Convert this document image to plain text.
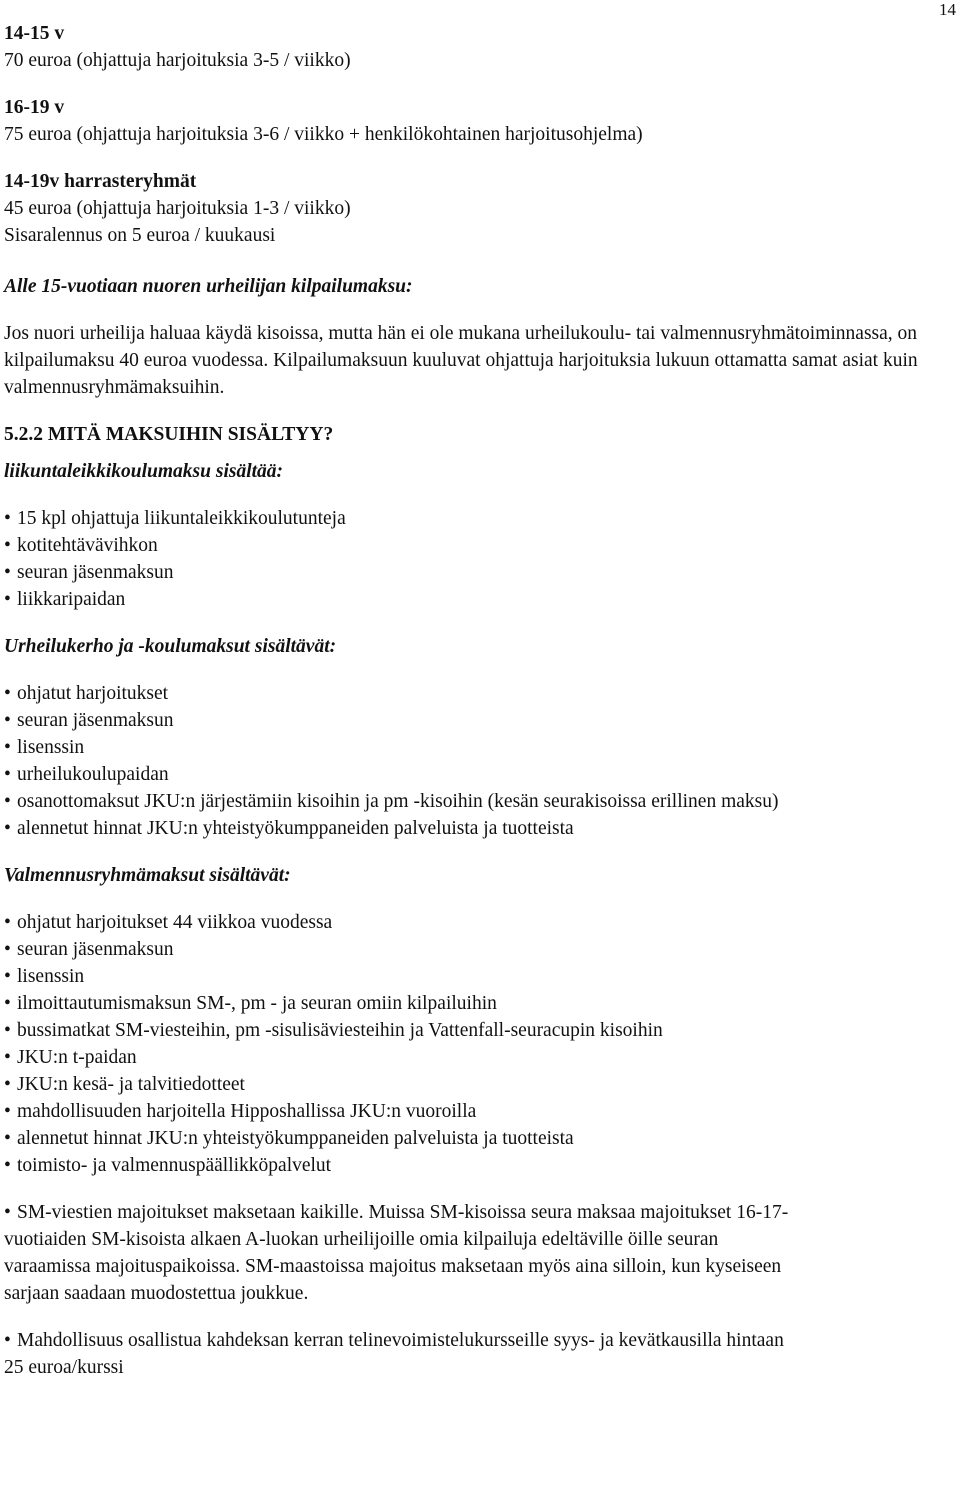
14

14-15 v

70 euroa (ohjattuja harjoituksia 3-5 / viikko)

16-19 v

75 euroa (ohjattuja harjoituksia 3-6 / viikko + henkilökohtainen harjoitusohjelma)

14-19v harrasteryhmät

45 euroa (ohjattuja harjoituksia 1-3 / viikko)

Sisaralennus on 5 euroa / kuukausi

Alle 15-vuotiaan nuoren urheilijan kilpailumaksu:

Jos nuori urheilija haluaa käydä kisoissa, mutta hän ei ole mukana urheilukoulu- tai valmennusryhmätoiminnassa, on kilpailumaksu 40 euroa vuodessa. Kilpailumaksuun kuuluvat ohjattuja harjoituksia lukuun ottamatta samat asiat kuin valmennusryhmämaksuihin.

5.2.2 MITÄ MAKSUIHIN SISÄLTYY?

liikuntaleikkikoulumaksu sisältää:

• 15 kpl ohjattuja liikuntaleikkikoulutunteja
• kotitehtävävihkon
• seuran jäsenmaksun
• liikkaripaidan

Urheilukerho ja -koulumaksut sisältävät:

• ohjatut harjoitukset
• seuran jäsenmaksun
• lisenssin
• urheilukoulupaidan
• osanottomaksut JKU:n järjestämiin kisoihin ja pm -kisoihin (kesän seurakisoissa erillinen maksu)
• alennetut hinnat JKU:n yhteistyökumppaneiden palveluista ja tuotteista

Valmennusryhmämaksut sisältävät:

• ohjatut harjoitukset 44 viikkoa vuodessa
• seuran jäsenmaksun
• lisenssin
• ilmoittautumismaksun SM-, pm - ja seuran omiin kilpailuihin
• bussimatkat SM-viesteihin, pm -sisulisäviesteihin ja Vattenfall-seuracupin kisoihin
• JKU:n t-paidan
• JKU:n kesä- ja talvitiedotteet
• mahdollisuuden harjoitella Hipposhallissa JKU:n vuoroilla
• alennetut hinnat JKU:n yhteistyökumppaneiden palveluista ja tuotteista
• toimisto- ja valmennuspäällikköpalvelut
• SM-viestien majoitukset maksetaan kaikille. Muissa SM-kisoissa seura maksaa majoitukset 16-17-
vuotiaiden SM-kisoista alkaen A-luokan urheilijoille omia kilpailuja edeltäville öille seuran
varaamissa majoituspaikoissa. SM-maastoissa majoitus maksetaan myös aina silloin, kun kyseiseen
sarjaan saadaan muodostettua joukkue.
• Mahdollisuus osallistua kahdeksan kerran telinevoimistelukursseille syys- ja kevätkausilla hintaan
25 euroa/kurssi
